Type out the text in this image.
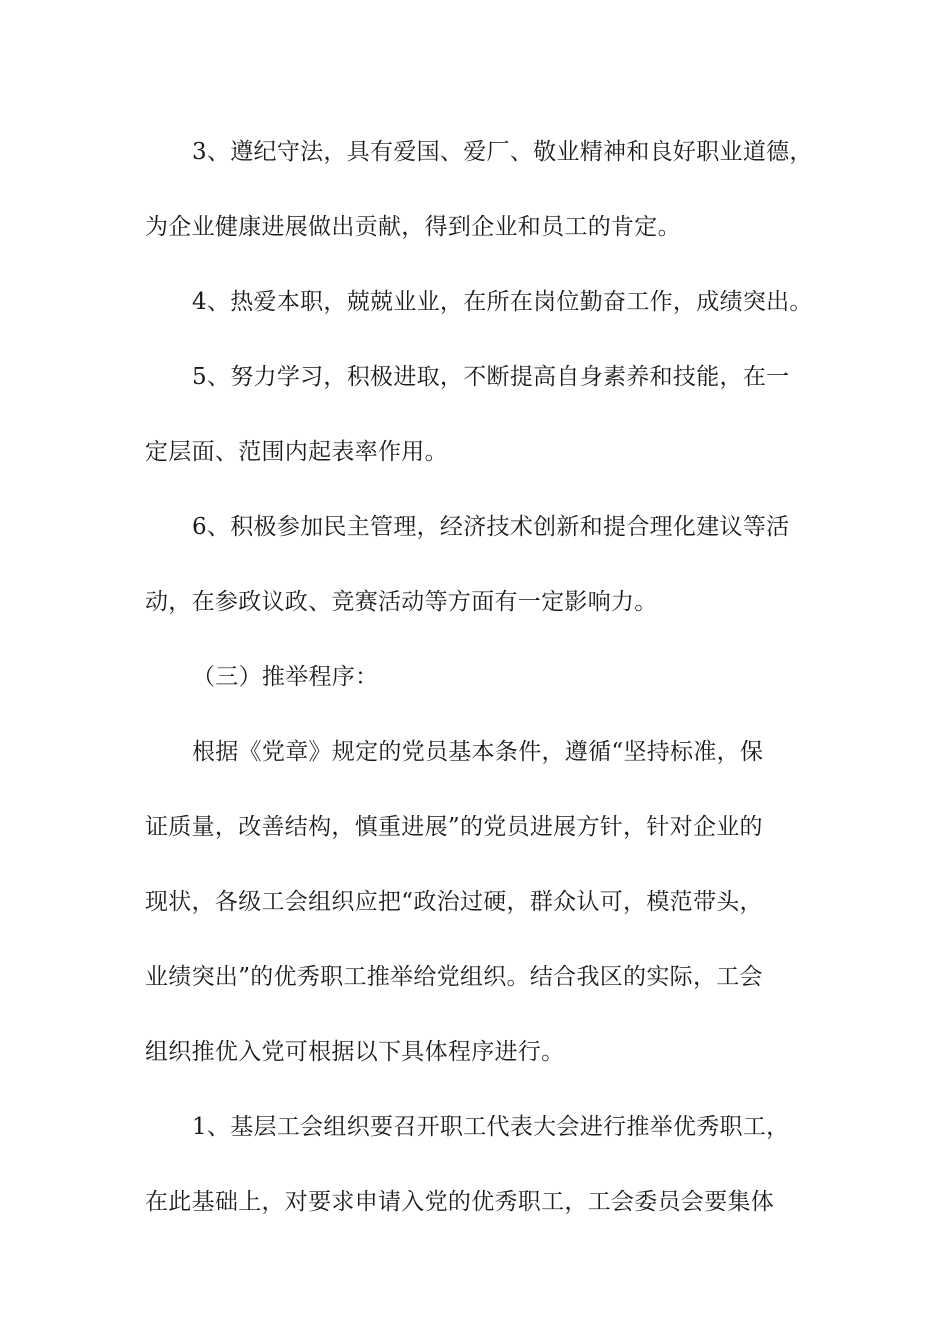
3、遵纪守法，具有爱国、爱厂、敬业精神和良好职业道德，
为企业健康进展做出贡献，得到企业和员工的肯定。
4、热爱本职，兢兢业业，在所在岗位勤奋工作，成绩突出。
5、努力学习，积极进取，不断提高自身素养和技能，在一
定层面、范围内起表率作用。
6、积极参加民主管理，经济技术创新和提合理化建议等活
动，在参政议政、竞赛活动等方面有一定影响力。
（三）推举程序：
根据《党章》规定的党员基本条件，遵循“坚持标准，保
证质量，改善结构，慎重进展”的党员进展方针，针对企业的
现状，各级工会组织应把“政治过硬，群众认可，模范带头，
业绩突出”的优秀职工推举给党组织。结合我区的实际，工会
组织推优入党可根据以下具体程序进行。
1、基层工会组织要召开职工代表大会进行推举优秀职工，
在此基础上，对要求申请入党的优秀职工，工会委员会要集体
